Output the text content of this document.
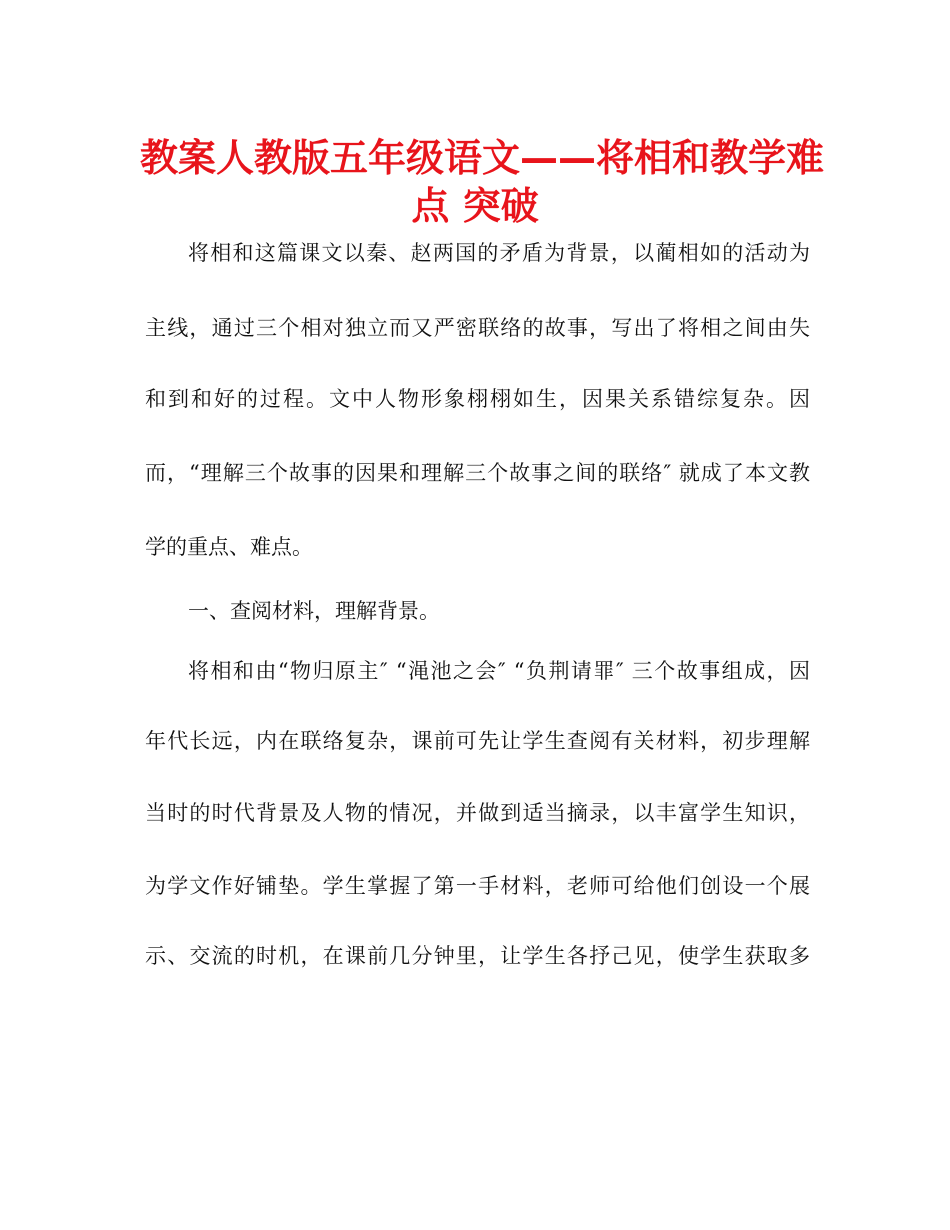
教案人教版五年级语文——将相和教学难
点 突破

将相和这篇课文以秦、赵两国的矛盾为背景，以蔺相如的活动为

主线，通过三个相对独立而又严密联络的故事，写出了将相之间由失

和到和好的过程。文中人物形象栩栩如生，因果关系错综复杂。因

而，“理解三个故事的因果和理解三个故事之间的联络″ 就成了本文教

学的重点、难点。

一、查阅材料，理解背景。

将相和由“物归原主″ “渑池之会″ “负荆请罪″ 三个故事组成，因

年代长远，内在联络复杂，课前可先让学生查阅有关材料，初步理解

当时的时代背景及人物的情况，并做到适当摘录，以丰富学生知识，

为学文作好铺垫。学生掌握了第一手材料，老师可给他们创设一个展

示、交流的时机，在课前几分钟里，让学生各抒己见，使学生获取多
